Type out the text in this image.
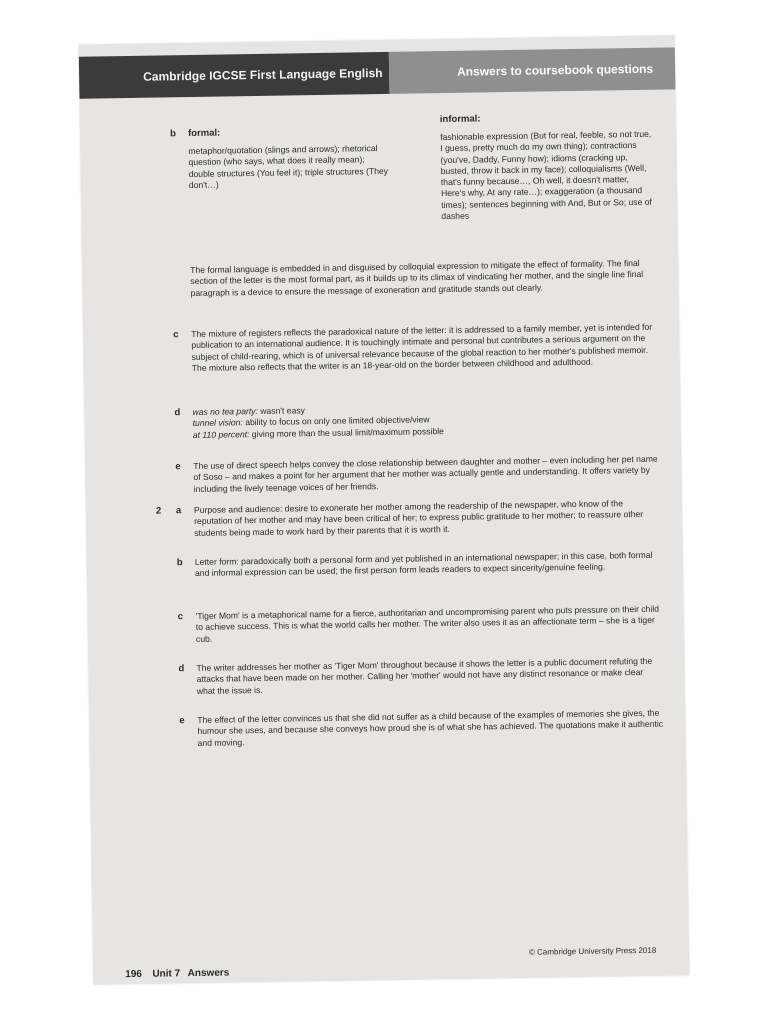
Cambridge IGCSE First Language English	Answers to coursebook questions
b formal:
metaphor/quotation (slings and arrows); rhetorical question (who says, what does it really mean); double structures (You feel it); triple structures (They don't…)
informal:
fashionable expression (But for real, feeble, so not true, I guess, pretty much do my own thing); contractions (you've, Daddy, Funny how); idioms (cracking up, busted, throw it back in my face); colloquialisms (Well, that's funny because…, Oh well, it doesn't matter, Here's why, At any rate…); exaggeration (a thousand times); sentences beginning with And, But or So; use of dashes
The formal language is embedded in and disguised by colloquial expression to mitigate the effect of formality. The final section of the letter is the most formal part, as it builds up to its climax of vindicating her mother, and the single line final paragraph is a device to ensure the message of exoneration and gratitude stands out clearly.
c The mixture of registers reflects the paradoxical nature of the letter: it is addressed to a family member, yet is intended for publication to an international audience. It is touchingly intimate and personal but contributes a serious argument on the subject of child-rearing, which is of universal relevance because of the global reaction to her mother's published memoir. The mixture also reflects that the writer is an 18-year-old on the border between childhood and adulthood.
d was no tea party: wasn't easy
tunnel vision: ability to focus on only one limited objective/view
at 110 percent: giving more than the usual limit/maximum possible
e The use of direct speech helps convey the close relationship between daughter and mother – even including her pet name of Soso – and makes a point for her argument that her mother was actually gentle and understanding. It offers variety by including the lively teenage voices of her friends.
2 a Purpose and audience: desire to exonerate her mother among the readership of the newspaper, who know of the reputation of her mother and may have been critical of her; to express public gratitude to her mother; to reassure other students being made to work hard by their parents that it is worth it.
b Letter form: paradoxically both a personal form and yet published in an international newspaper; in this case, both formal and informal expression can be used; the first person form leads readers to expect sincerity/genuine feeling.
c 'Tiger Mom' is a metaphorical name for a fierce, authoritarian and uncompromising parent who puts pressure on their child to achieve success. This is what the world calls her mother. The writer also uses it as an affectionate term – she is a tiger cub.
d The writer addresses her mother as 'Tiger Mom' throughout because it shows the letter is a public document refuting the attacks that have been made on her mother. Calling her 'mother' would not have any distinct resonance or make clear what the issue is.
e The effect of the letter convinces us that she did not suffer as a child because of the examples of memories she gives, the humour she uses, and because she conveys how proud she is of what she has achieved. The quotations make it authentic and moving.
196 Unit 7 Answers
© Cambridge University Press 2018
